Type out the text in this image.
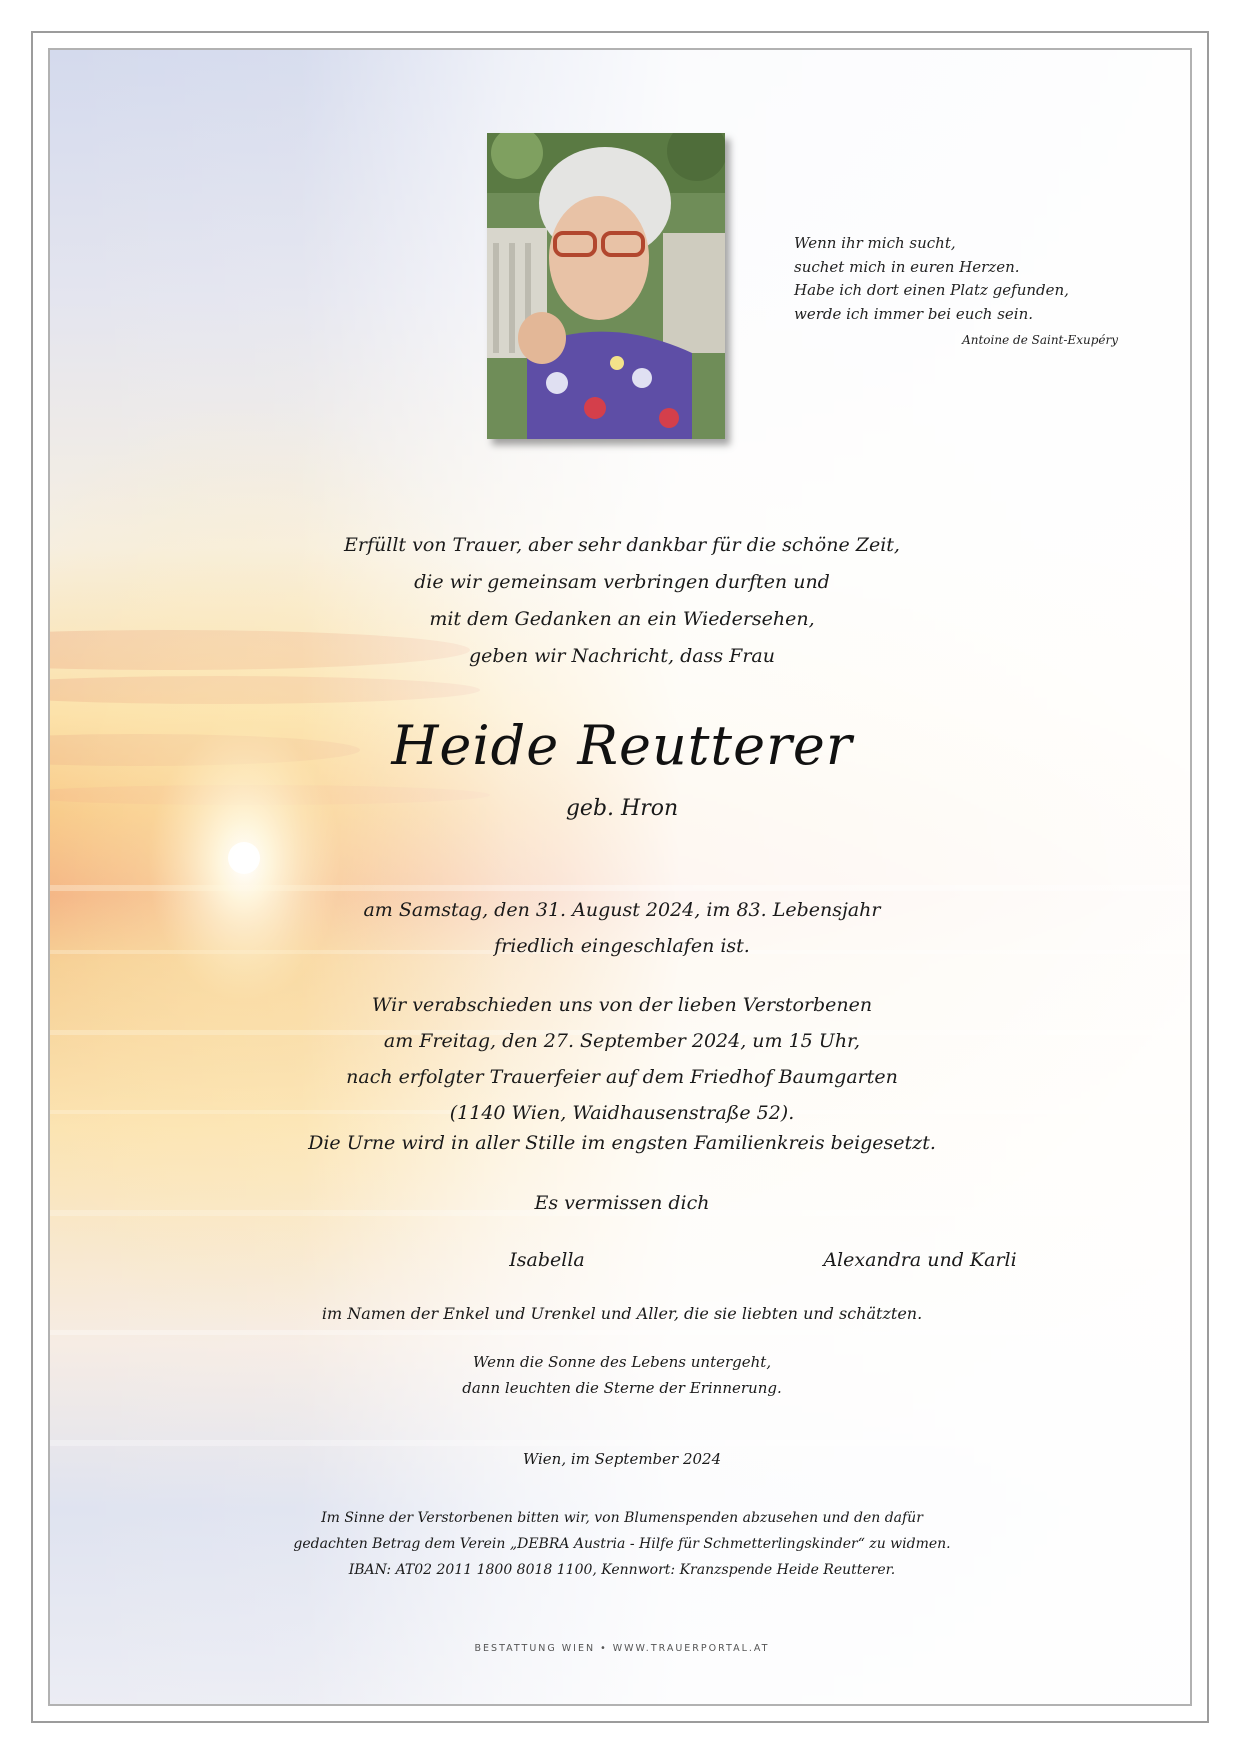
Wenn ihr mich sucht,
suchet mich in euren Herzen.
Habe ich dort einen Platz gefunden,
werde ich immer bei euch sein.
Antoine de Saint-Exupéry

Erfüllt von Trauer, aber sehr dankbar für die schöne Zeit,

die wir gemeinsam verbringen durften und

mit dem Gedanken an ein Wiedersehen,

geben wir Nachricht, dass Frau

Heide Reutterer
geb. Hron

am Samstag, den 31. August 2024, im 83. Lebensjahr

friedlich eingeschlafen ist.

Wir verabschieden uns von der lieben Verstorbenen

am Freitag, den 27. September 2024, um 15 Uhr,

nach erfolgter Trauerfeier auf dem Friedhof Baumgarten

(1140 Wien, Waidhausenstraße 52).

Die Urne wird in aller Stille im engsten Familienkreis beigesetzt.
Es vermissen dich
Isabella	Alexandra und Karli
im Namen der Enkel und Urenkel und Aller, die sie liebten und schätzten.

Wenn die Sonne des Lebens untergeht,

dann leuchten die Sterne der Erinnerung.

Wien, im September 2024

Im Sinne der Verstorbenen bitten wir, von Blumenspenden abzusehen und den dafür

gedachten Betrag dem Verein „DEBRA Austria - Hilfe für Schmetterlingskinder“ zu widmen.

IBAN: AT02 2011 1800 8018 1100, Kennwort: Kranzspende Heide Reutterer.

BESTATTUNG WIEN • WWW.TRAUERPORTAL.AT
